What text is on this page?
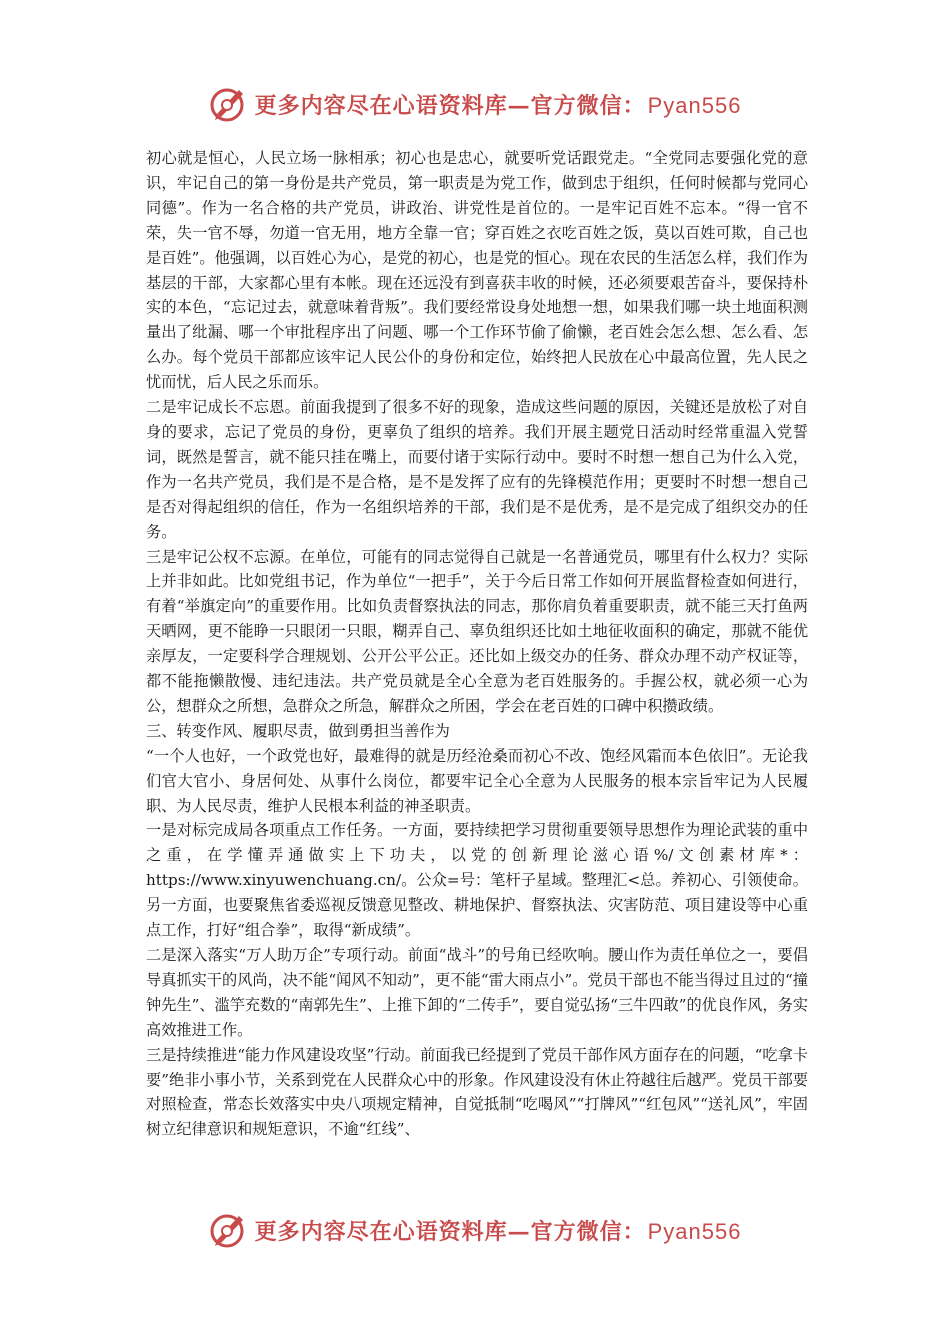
更多内容尽在心语资料库—官方微信：Pyan556

初心就是恒心，人民立场一脉相承；初心也是忠心，就要听党话跟党走。“全党同志要强化党的意识，牢记自己的第一身份是共产党员，第一职责是为党工作，做到忠于组织，任何时候都与党同心同德”。作为一名合格的共产党员，讲政治、讲党性是首位的。一是牢记百姓不忘本。“得一官不荣，失一官不辱，勿道一官无用，地方全靠一官；穿百姓之衣吃百姓之饭，莫以百姓可欺，自己也是百姓”。他强调，以百姓心为心，是党的初心，也是党的恒心。现在农民的生活怎么样，我们作为基层的干部，大家都心里有本帐。现在还远没有到喜获丰收的时候，还必须要艰苦奋斗，要保持朴实的本色，“忘记过去，就意味着背叛”。我们要经常设身处地想一想，如果我们哪一块土地面积测量出了纰漏、哪一个审批程序出了问题、哪一个工作环节偷了偷懒，老百姓会怎么想、怎么看、怎么办。每个党员干部都应该牢记人民公仆的身份和定位，始终把人民放在心中最高位置，先人民之忧而忧，后人民之乐而乐。

二是牢记成长不忘恩。前面我提到了很多不好的现象，造成这些问题的原因，关键还是放松了对自身的要求，忘记了党员的身份，更辜负了组织的培养。我们开展主题党日活动时经常重温入党誓词，既然是誓言，就不能只挂在嘴上，而要付诸于实际行动中。要时不时想一想自己为什么入党，作为一名共产党员，我们是不是合格，是不是发挥了应有的先锋模范作用；更要时不时想一想自己是否对得起组织的信任，作为一名组织培养的干部，我们是不是优秀，是不是完成了组织交办的任务。

三是牢记公权不忘源。在单位，可能有的同志觉得自己就是一名普通党员，哪里有什么权力？实际上并非如此。比如党组书记，作为单位“一把手”，关于今后日常工作如何开展监督检查如何进行，有着“举旗定向”的重要作用。比如负责督察执法的同志，那你肩负着重要职责，就不能三天打鱼两天晒网，更不能睁一只眼闭一只眼，糊弄自己、辜负组织还比如土地征收面积的确定，那就不能优亲厚友，一定要科学合理规划、公开公平公正。还比如上级交办的任务、群众办理不动产权证等，都不能拖懒散慢、违纪违法。共产党员就是全心全意为老百姓服务的。手握公权，就必须一心为公，想群众之所想，急群众之所急，解群众之所困，学会在老百姓的口碑中积攒政绩。

三、转变作风、履职尽责，做到勇担当善作为

“一个人也好，一个政党也好，最难得的就是历经沧桑而初心不改、饱经风霜而本色依旧”。无论我们官大官小、身居何处、从事什么岗位，都要牢记全心全意为人民服务的根本宗旨牢记为人民履职、为人民尽责，维护人民根本利益的神圣职责。

一是对标完成局各项重点工作任务。一方面，要持续把学习贯彻重要领导思想作为理论武装的重中之重，在学懂弄通做实上下功夫，以党的创新理论滋心语%/文创素材库*：https://www.xinyuwenchuang.cn/。公众=号：笔杆子星域。整理汇<总。养初心、引领使命。另一方面，也要聚焦省委巡视反馈意见整改、耕地保护、督察执法、灾害防范、项目建设等中心重点工作，打好“组合拳”，取得“新成绩”。

二是深入落实“万人助万企”专项行动。前面“战斗”的号角已经吹响。腰山作为责任单位之一，要倡导真抓实干的风尚，决不能“闻风不知动”，更不能“雷大雨点小”。党员干部也不能当得过且过的“撞钟先生”、滥竽充数的“南郭先生”、上推下卸的“二传手”，要自觉弘扬“三牛四敢”的优良作风，务实高效推进工作。

三是持续推进“能力作风建设攻坚”行动。前面我已经提到了党员干部作风方面存在的问题，“吃拿卡要”绝非小事小节，关系到党在人民群众心中的形象。作风建设没有休止符越往后越严。党员干部要对照检查，常态长效落实中央八项规定精神，自觉抵制“吃喝风”“打牌风”“红包风”“送礼风”，牢固树立纪律意识和规矩意识，不逾“红线”、

更多内容尽在心语资料库—官方微信：Pyan556
